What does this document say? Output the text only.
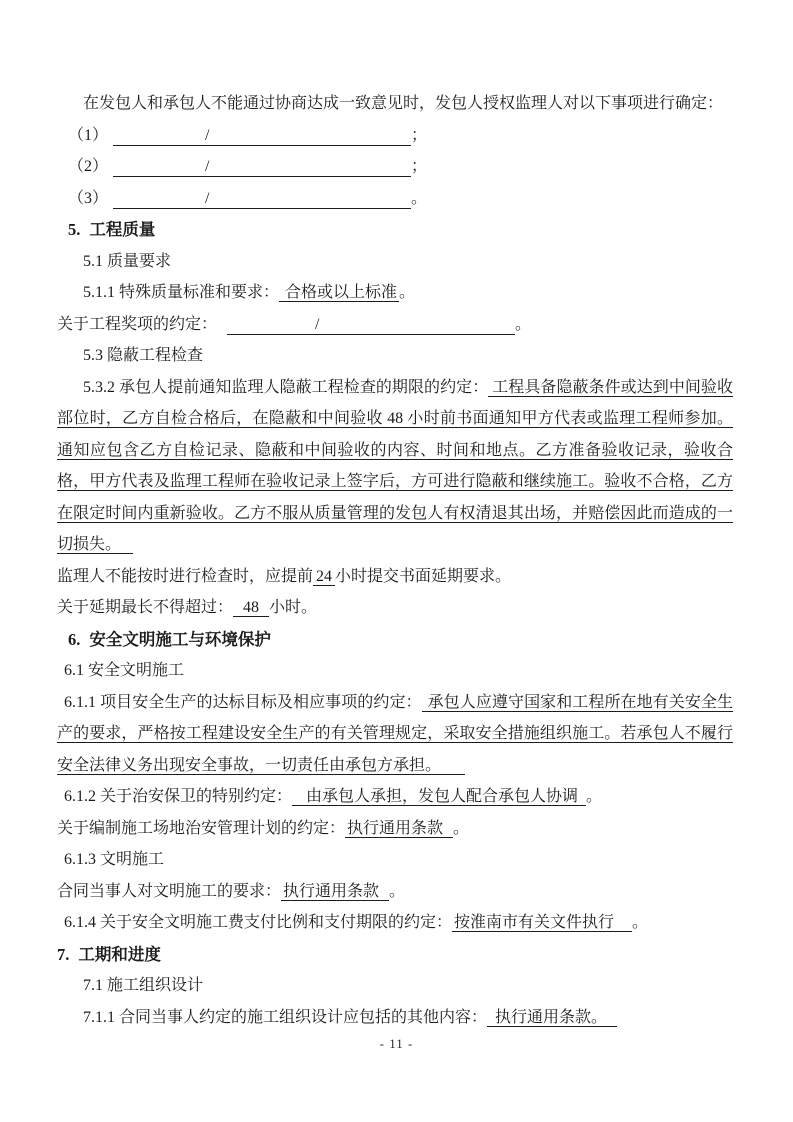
在发包人和承包人不能通过协商达成一致意见时，发包人授权监理人对以下事项进行确定：

（1）	/	；

（2）	/	；

（3）	/	。

5. 工程质量

5.1 质量要求

5.1.1 特殊质量标准和要求： 合格或以上标准 。

关于工程奖项的约定：	/	。

5.3 隐蔽工程检查

5.3.2 承包人提前通知监理人隐蔽工程检查的期限的约定： 工程具备隐蔽条件或达到中间验收部位时，乙方自检合格后，在隐蔽和中间验收 48 小时前书面通知甲方代表或监理工程师参加。通知应包含乙方自检记录、隐蔽和中间验收的内容、时间和地点。乙方准备验收记录，验收合格，甲方代表及监理工程师在验收记录上签字后，方可进行隐蔽和继续施工。验收不合格，乙方在限定时间内重新验收。乙方不服从质量管理的发包人有权清退其出场，并赔偿因此而造成的一切损失。

监理人不能按时进行检查时，应提前 24 小时提交书面延期要求。

关于延期最长不得超过： 48 小时。

6. 安全文明施工与环境保护

6.1 安全文明施工

6.1.1 项目安全生产的达标目标及相应事项的约定： 承包人应遵守国家和工程所在地有关安全生产的要求，严格按工程建设安全生产的有关管理规定，采取安全措施组织施工。若承包人不履行安全法律义务出现安全事故，一切责任由承包方承担。

6.1.2 关于治安保卫的特别约定： 由承包人承担，发包人配合承包人协调 。

关于编制施工场地治安管理计划的约定： 执行通用条款 。

6.1.3 文明施工

合同当事人对文明施工的要求： 执行通用条款 。

6.1.4 关于安全文明施工费支付比例和支付期限的约定： 按淮南市有关文件执行 。

7. 工期和进度

7.1 施工组织设计

7.1.1 合同当事人约定的施工组织设计应包括的其他内容： 执行通用条款。

- 11 -
